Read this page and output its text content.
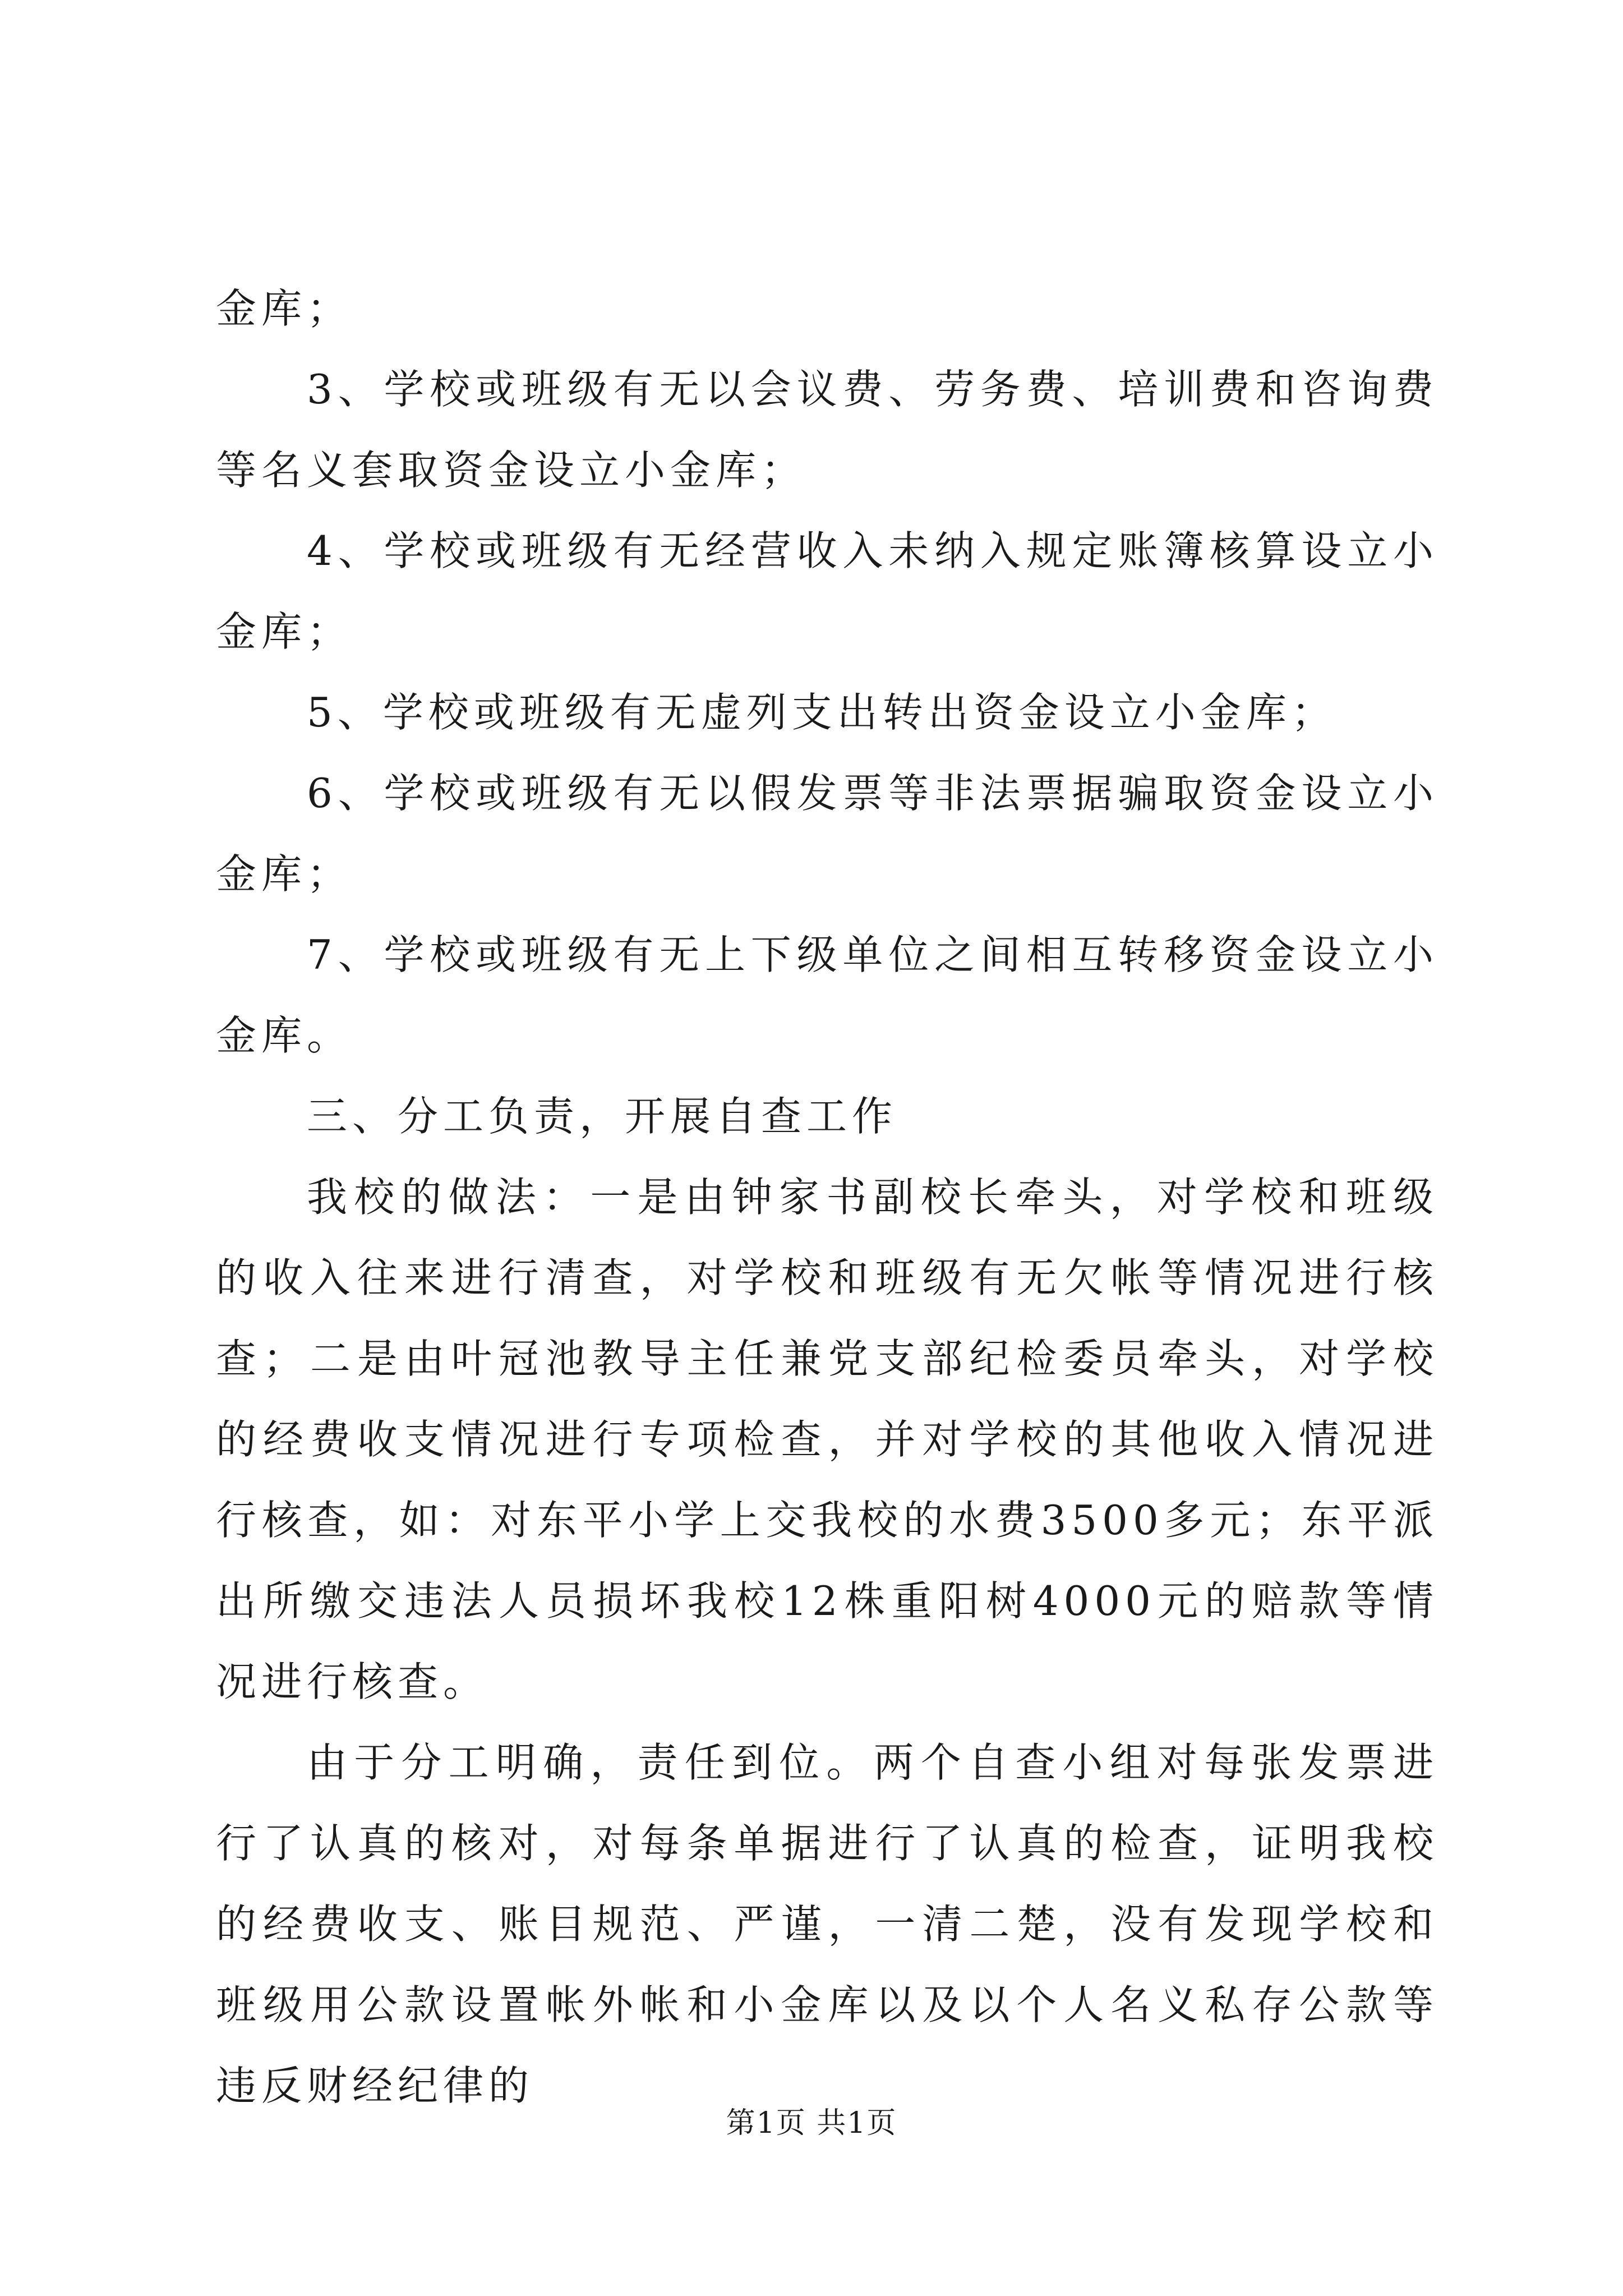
金库；

3、学校或班级有无以会议费、劳务费、培训费和咨询费等名义套取资金设立小金库；

4、学校或班级有无经营收入未纳入规定账簿核算设立小金库；

5、学校或班级有无虚列支出转出资金设立小金库；

6、学校或班级有无以假发票等非法票据骗取资金设立小金库；

7、学校或班级有无上下级单位之间相互转移资金设立小金库。

三、分工负责，开展自查工作

我校的做法：一是由钟家书副校长牵头，对学校和班级的收入往来进行清查，对学校和班级有无欠帐等情况进行核查；二是由叶冠池教导主任兼党支部纪检委员牵头，对学校的经费收支情况进行专项检查，并对学校的其他收入情况进行核查，如：对东平小学上交我校的水费3500多元；东平派出所缴交违法人员损坏我校12株重阳树4000元的赔款等情况进行核查。

由于分工明确，责任到位。两个自查小组对每张发票进行了认真的核对，对每条单据进行了认真的检查，证明我校的经费收支、账目规范、严谨，一清二楚，没有发现学校和班级用公款设置帐外帐和小金库以及以个人名义私存公款等违反财经纪律的

第1页 共1页
